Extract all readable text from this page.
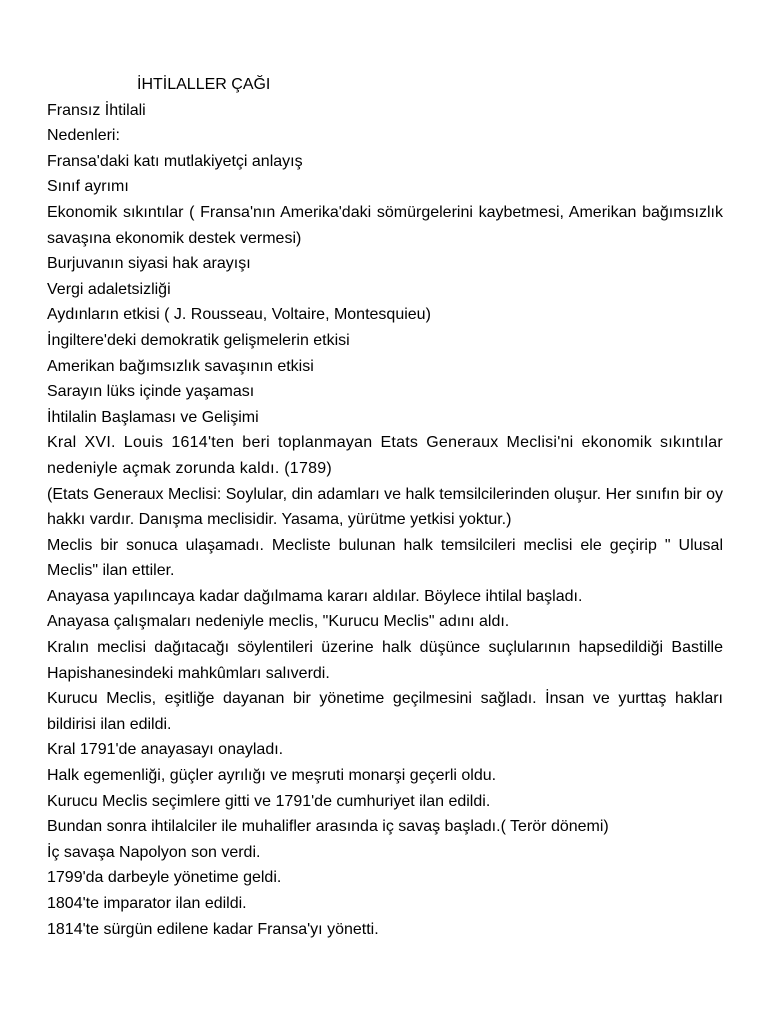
İHTİLALLER ÇAĞI

Fransız İhtilali

Nedenleri:

Fransa'daki katı mutlakiyetçi anlayış

Sınıf ayrımı

Ekonomik sıkıntılar ( Fransa'nın Amerika'daki sömürgelerini kaybetmesi, Amerikan bağımsızlık savaşına ekonomik destek vermesi)

Burjuvanın siyasi hak arayışı

Vergi adaletsizliği

Aydınların etkisi ( J. Rousseau, Voltaire, Montesquieu)

İngiltere'deki demokratik gelişmelerin etkisi

Amerikan bağımsızlık savaşının etkisi

Sarayın lüks içinde yaşaması

İhtilalin Başlaması ve Gelişimi

Kral XVI. Louis 1614'ten beri toplanmayan Etats Generaux Meclisi'ni ekonomik sıkıntılar nedeniyle açmak zorunda kaldı. (1789)

(Etats Generaux Meclisi: Soylular, din adamları ve halk temsilcilerinden oluşur. Her sınıfın bir oy hakkı vardır. Danışma meclisidir. Yasama, yürütme yetkisi yoktur.)

Meclis bir sonuca ulaşamadı. Mecliste bulunan halk temsilcileri meclisi ele geçirip " Ulusal Meclis" ilan ettiler.

Anayasa yapılıncaya kadar dağılmama kararı aldılar. Böylece ihtilal başladı.

Anayasa çalışmaları nedeniyle meclis, "Kurucu Meclis" adını aldı.

Kralın meclisi dağıtacağı söylentileri üzerine halk düşünce suçlularının hapsedildiği Bastille Hapishanesindeki mahkûmları salıverdi.

Kurucu Meclis, eşitliğe dayanan bir yönetime geçilmesini sağladı. İnsan ve yurttaş hakları bildirisi ilan edildi.

Kral 1791'de anayasayı onayladı.

Halk egemenliği, güçler ayrılığı ve meşruti monarşi geçerli oldu.

Kurucu Meclis seçimlere gitti ve 1791'de cumhuriyet ilan edildi.

Bundan sonra ihtilalciler ile muhalifler arasında iç savaş başladı.( Terör dönemi)

İç savaşa Napolyon son verdi.

1799'da darbeyle yönetime geldi.

1804'te imparator ilan edildi.

1814'te sürgün edilene kadar Fransa'yı yönetti.
